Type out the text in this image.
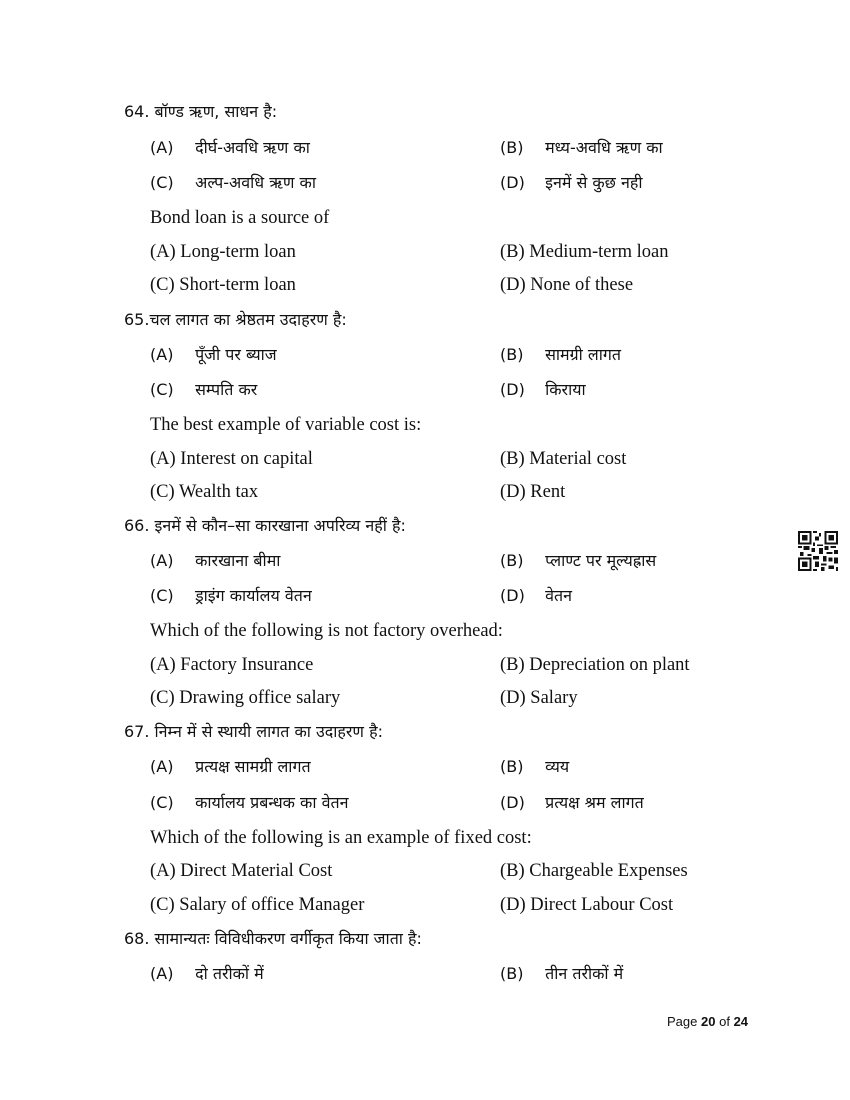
64. बॉण्ड ऋण, साधन है:
(A) दीर्घ-अवधि ऋण का	(B) मध्य-अवधि ऋण का
(C) अल्प-अवधि ऋण का	(D) इनमें से कुछ नही
Bond loan is a source of
(A) Long-term loan	(B) Medium-term loan
(C) Short-term loan	(D) None of these
65.चल लागत का श्रेष्ठतम उदाहरण है:
(A) पूँजी पर ब्याज	(B) सामग्री लागत
(C) सम्पति कर	(D) किराया
The best example of variable cost is:
(A) Interest on capital	(B) Material cost
(C) Wealth tax	(D) Rent
66. इनमें से कौन–सा कारखाना अपरिव्य नहीं है:
(A) कारखाना बीमा	(B) प्लाण्ट पर मूल्यह्रास
(C) ड्राइंग कार्यालय वेतन	(D) वेतन
Which of the following is not factory overhead:
(A) Factory Insurance	(B) Depreciation on plant
(C) Drawing office salary	(D) Salary
67. निम्न में से स्थायी लागत का उदाहरण है:
(A) प्रत्यक्ष सामग्री लागत	(B) व्यय
(C) कार्यालय प्रबन्धक का वेतन	(D) प्रत्यक्ष श्रम लागत
Which of the following is an example of fixed cost:
(A) Direct Material Cost	(B) Chargeable Expenses
(C) Salary of office Manager	(D) Direct Labour Cost
68. सामान्यतः विविधीकरण वर्गीकृत किया जाता है:
(A) दो तरीकों में	(B) तीन तरीकों में
Page 20 of 24
